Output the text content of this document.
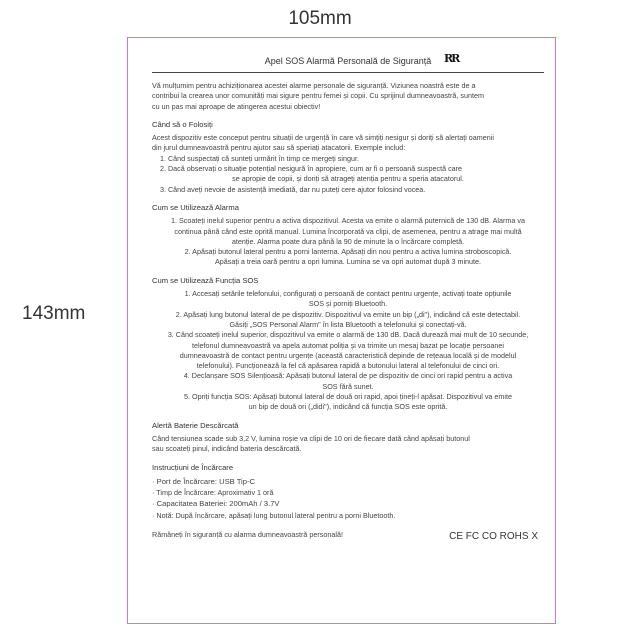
105mm
143mm
Apel SOS Alarmă Personală de Siguranță	RR

Vă mulțumim pentru achiziționarea acestei alarme personale de siguranță. Viziunea noastră este de a

contribui la crearea unor comunități mai sigure pentru femei și copii. Cu sprijinul dumneavoastră, suntem

cu un pas mai aproape de atingerea acestui obiectiv!

Când să o Folosiți

Acest dispozitiv este conceput pentru situații de urgență în care vă simțiți nesigur și doriți să alertați oamenii

din jurul dumneavoastră pentru ajutor sau să speriați atacatorii. Exemple includ:

1. Când suspectați că sunteți urmărit în timp ce mergeți singur.

2. Dacă observați o situație potențial nesigură în apropiere, cum ar fi o persoană suspectă care

se apropie de copii, și doriți să atrageți atenția pentru a speria atacatorul.

3. Când aveți nevoie de asistență imediată, dar nu puteți cere ajutor folosind vocea.

Cum se Utilizează Alarma

1. Scoateți inelul superior pentru a activa dispozitivul. Acesta va emite o alarmă puternică de 130 dB. Alarma va

continua până când este oprită manual. Lumina încorporată va clipi, de asemenea, pentru a atrage mai multă

atenție. Alarma poate dura până la 90 de minute la o încărcare completă.

2. Apăsați butonul lateral pentru a porni lanterna. Apăsați din nou pentru a activa lumina stroboscopică.

Apăsați a treia oară pentru a opri lumina. Lumina se va opri automat după 3 minute.

Cum se Utilizează Funcția SOS

1. Accesați setările telefonului, configurați o persoană de contact pentru urgențe, activați toate opțiunile

SOS și porniți Bluetooth.

2. Apăsați lung butonul lateral de pe dispozitiv. Dispozitivul va emite un bip („di"), indicând că este detectabil.

Găsiți „SOS Personal Alarm" în lista Bluetooth a telefonului și conectați-vă.

3. Când scoateți inelul superior, dispozitivul va emite o alarmă de 130 dB. Dacă durează mai mult de 10 secunde,

telefonul dumneavoastră va apela automat poliția și va trimite un mesaj bazat pe locație persoanei

dumneavoastră de contact pentru urgențe (această caracteristică depinde de rețeaua locală și de modelul

telefonului). Funcționează la fel că apăsarea rapidă a butonului lateral al telefonului de cinci ori.

4. Declanșare SOS Silențioasă: Apăsați butonul lateral de pe dispozitiv de cinci ori rapid pentru a activa

SOS fără sunet.

5. Opriți funcția SOS: Apăsați butonul lateral de două ori rapid, apoi țineți-l apăsat. Dispozitivul va emite

un bip de două ori („didi"), indicând că funcția SOS este oprită.

Alertă Baterie Descărcată

Când tensiunea scade sub 3,2 V, lumina roșie va clipi de 10 ori de fiecare dată când apăsați butonul

sau scoateți pinul, indicând bateria descărcată.

Instrucțiuni de Încărcare

· Port de Încărcare: USB Tip-C

· Timp de Încărcare: Aproximativ 1 oră

· Capacitatea Bateriei: 200mAh / 3.7V

· Notă: După încărcare, apăsați lung butonul lateral pentru a porni Bluetooth.

Rămâneți în siguranță cu alarma dumneavoastră personală!	CE FC CO ROHS X
